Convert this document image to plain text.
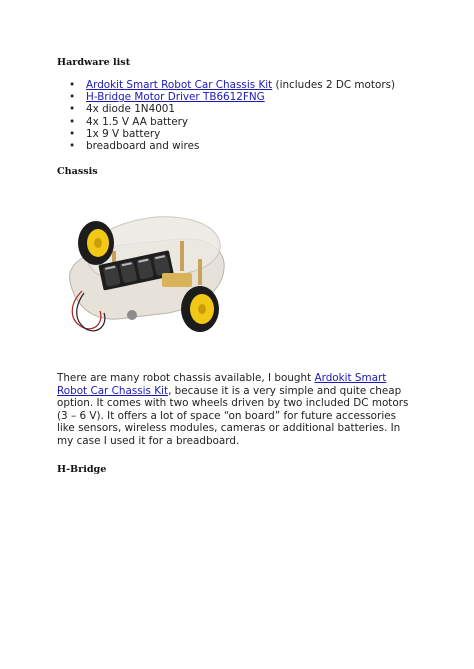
Hardware list
• Ardokit Smart Robot Car Chassis Kit (includes 2 DC motors)
• H-Bridge Motor Driver TB6612FNG
• 4x diode 1N4001
• 4x 1.5 V AA battery
• 1x 9 V battery
• breadboard and wires
Chassis

There are many robot chassis available, I bought Ardokit Smart Robot Car Chassis Kit, because it is a very simple and quite cheap option. It comes with two wheels driven by two included DC motors (3 – 6 V). It offers a lot of space “on board” for future accessories like sensors, wireless modules, cameras or additional batteries. In my case I used it for a breadboard.

H-Bridge
